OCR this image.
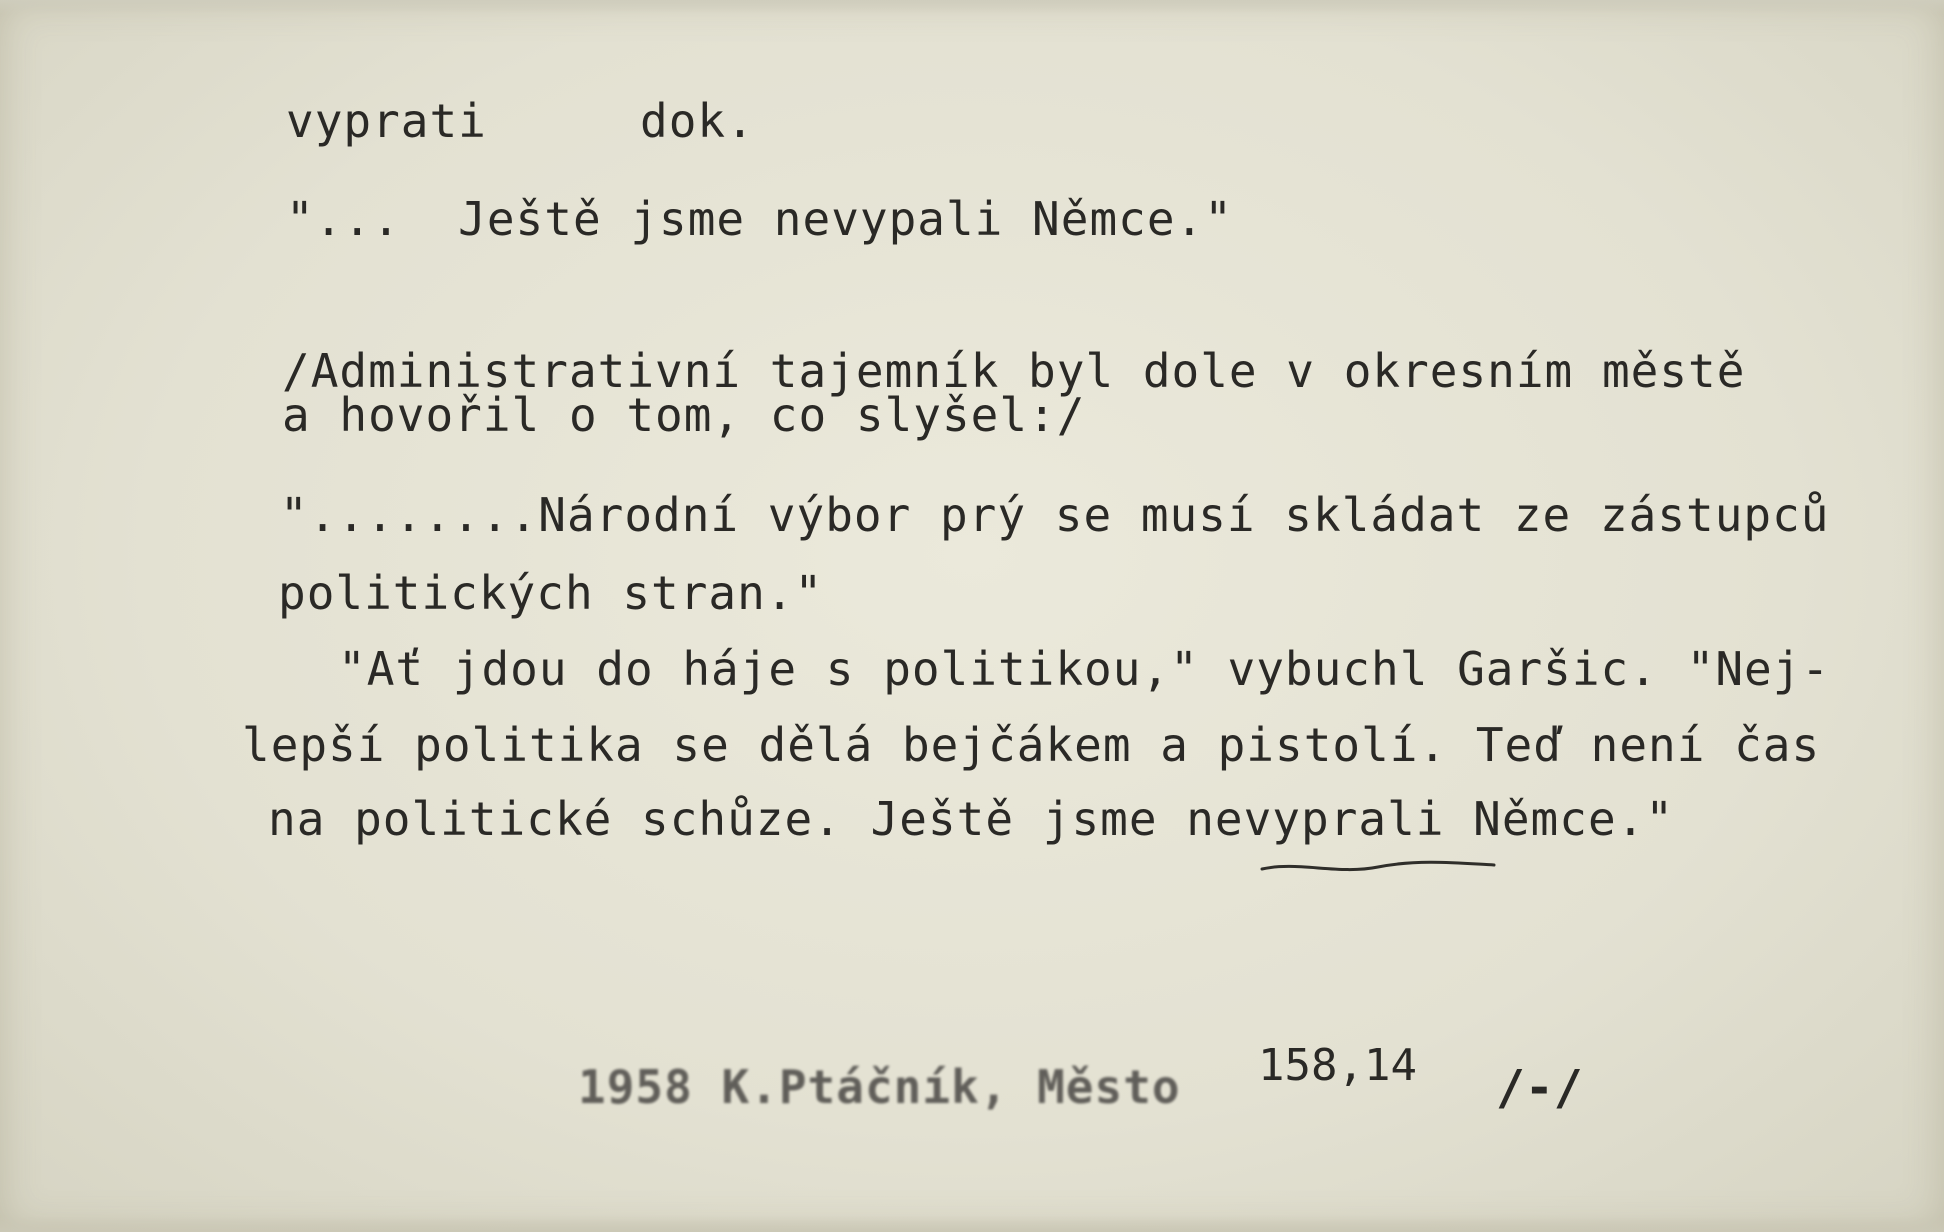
vyprati	dok.
"...  Ještě jsme nevypali Němce."
/Administrativní tajemník byl dole v okresním městě
a hovořil o tom, co slyšel:/
"........Národní výbor prý se musí skládat ze zástupců
politických stran."
"Ať jdou do háje s politikou," vybuchl Garšic. "Nej-
lepší politika se dělá bejčákem a pistolí. Teď není čas
na politické schůze. Ještě jsme nevyprali Němce."
1958 K.Ptáčník, Město 158,14 /-/
